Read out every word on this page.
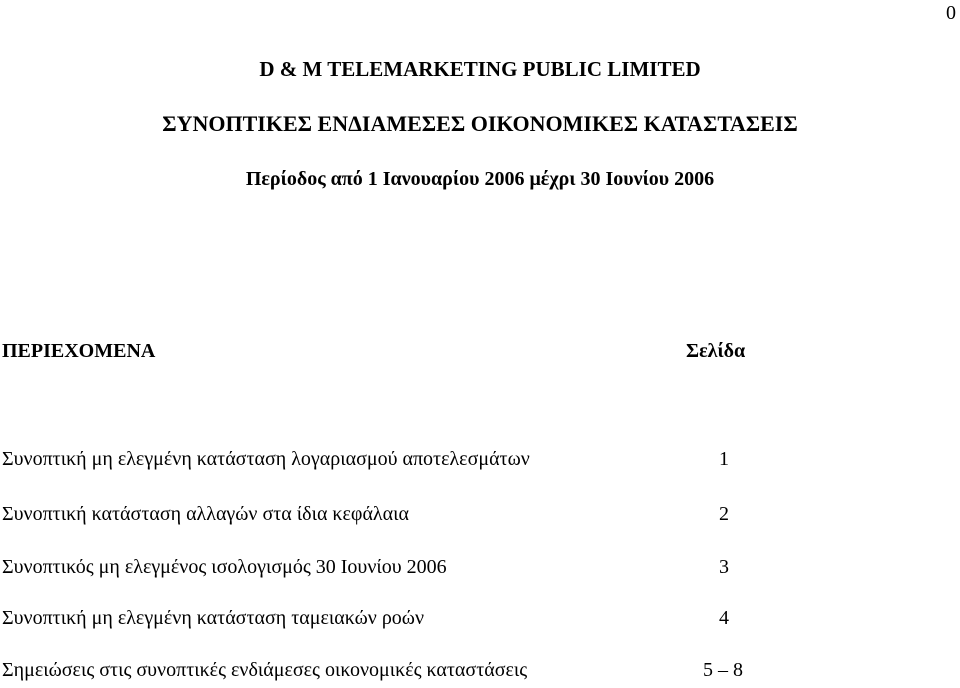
0
D & M TELEMARKETING PUBLIC LIMITED
ΣΥΝΟΠΤΙΚΕΣ ΕΝΔΙΑΜΕΣΕΣ ΟΙΚΟΝΟΜΙΚΕΣ ΚΑΤΑΣΤΑΣΕΙΣ
Περίοδος από 1 Ιανουαρίου 2006 μέχρι 30 Ιουνίου 2006
ΠΕΡΙΕΧΟΜΕΝΑ	Σελίδα
Συνοπτική μη ελεγμένη κατάσταση λογαριασμού αποτελεσμάτων	1
Συνοπτική κατάσταση αλλαγών στα ίδια κεφάλαια	2
Συνοπτικός μη ελεγμένος ισολογισμός 30 Ιουνίου 2006	3
Συνοπτική μη ελεγμένη κατάσταση ταμειακών ροών	4
Σημειώσεις στις συνοπτικές ενδιάμεσες οικονομικές καταστάσεις	5 – 8
